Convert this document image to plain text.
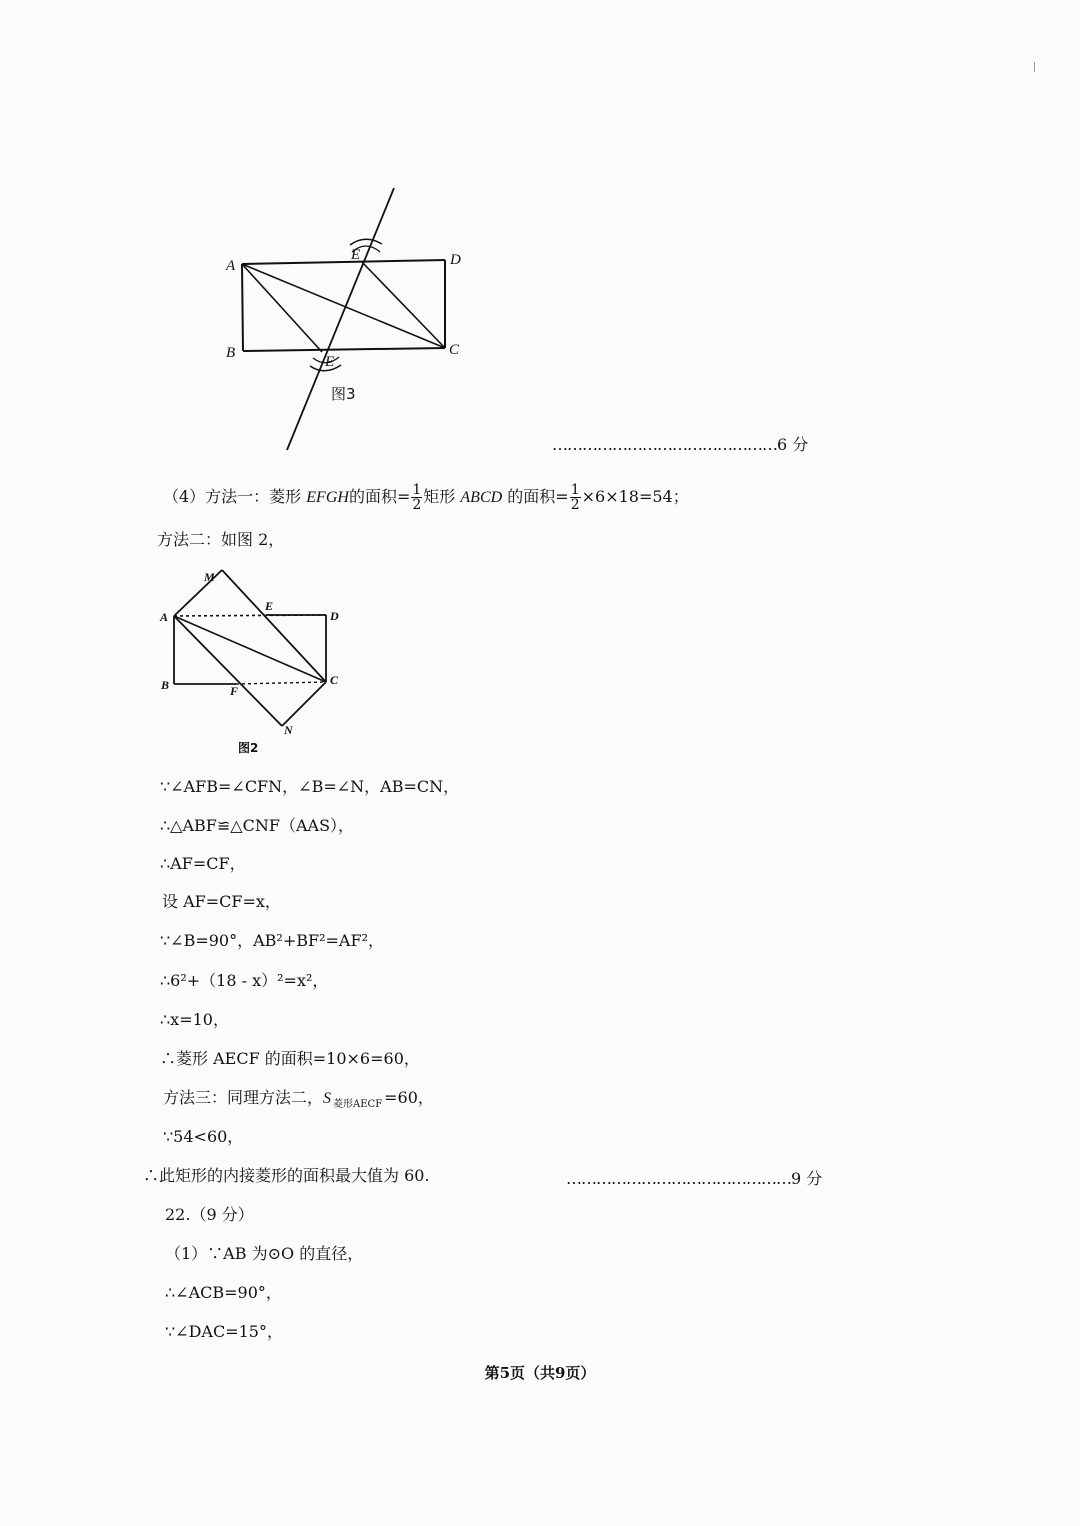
A
B	C
D
E
E
图3
………………………………………6 分
（4）方法一：菱形 EFGH的面积= $\frac{1}{2}$ 矩形 ABCD 的面积= $\frac{1}{2} \times 6\times 18=54$；
方法二：如图 2，
M
A
E
D
B	F
C
N
图2
∵∠AFB=∠CFN，∠B=∠N，AB=CN，
∴△ABF≌△CNF（AAS），
∴AF=CF，
设 AF=CF=x，
∵∠B=90°，AB²+BF²=AF²，
∴6²+（18 - x）²=x²，
∴x=10，
∴菱形 AECF 的面积=10×6=60，
方法三：同理方法二，S $_{菱形AECF}$ =60，
∵54<60，
∴此矩形的内接菱形的面积最大值为 60.	………………………………………9 分
22.（9 分）
（1）∵AB 为⊙O 的直径，
∴∠ACB=90°，
∵∠DAC=15°，
第5页（共9页）
